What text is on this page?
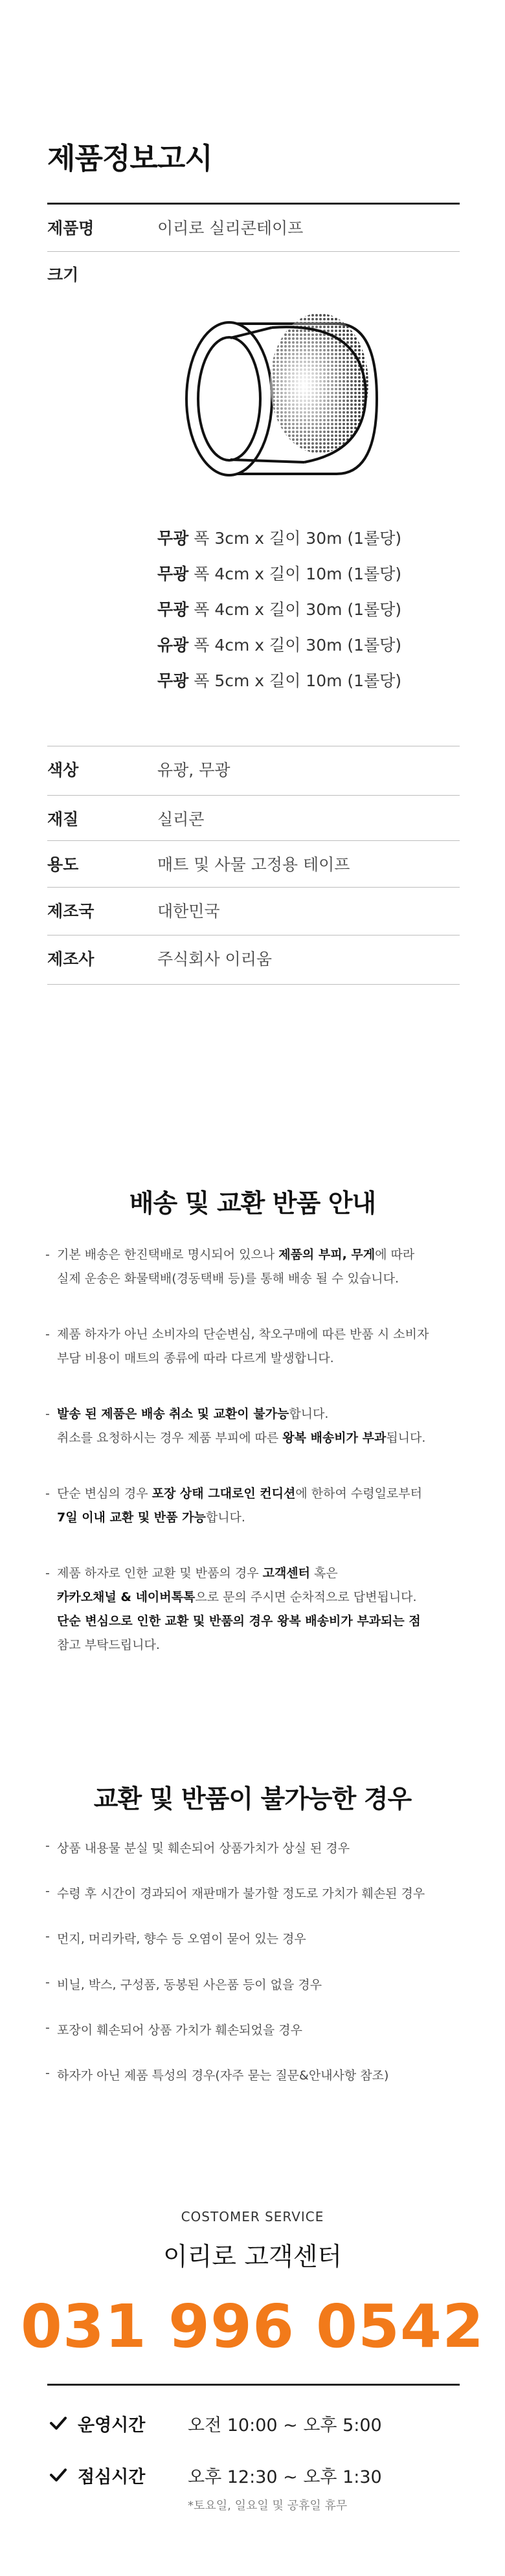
제품정보고시
제품명	이리로 실리콘테이프
크기
무광 폭 3cm x 길이 30m (1롤당)
무광 폭 4cm x 길이 10m (1롤당)
무광 폭 4cm x 길이 30m (1롤당)
유광 폭 4cm x 길이 30m (1롤당)
무광 폭 5cm x 길이 10m (1롤당)
색상	유광, 무광
재질	실리콘
용도	매트 및 사물 고정용 테이프
제조국	대한민국
제조사	주식회사 이리움
배송 및 교환 반품 안내
- 기본 배송은 한진택배로 명시되어 있으나 제품의 부피, 무게에 따라
실제 운송은 화물택배(경동택배 등)를 통해 배송 될 수 있습니다.
- 제품 하자가 아닌 소비자의 단순변심, 착오구매에 따른 반품 시 소비자
부담 비용이 매트의 종류에 따라 다르게 발생합니다.
- 발송 된 제품은 배송 취소 및 교환이 불가능합니다.
취소를 요청하시는 경우 제품 부피에 따른 왕복 배송비가 부과됩니다.
- 단순 변심의 경우 포장 상태 그대로인 컨디션에 한하여 수령일로부터
7일 이내 교환 및 반품 가능합니다.
- 제품 하자로 인한 교환 및 반품의 경우 고객센터 혹은
카카오채널 & 네이버톡톡으로 문의 주시면 순차적으로 답변됩니다.
단순 변심으로 인한 교환 및 반품의 경우 왕복 배송비가 부과되는 점
참고 부탁드립니다.
교환 및 반품이 불가능한 경우
- 상품 내용물 분실 및 훼손되어 상품가치가 상실 된 경우
- 수령 후 시간이 경과되어 재판매가 불가할 정도로 가치가 훼손된 경우
- 먼지, 머리카락, 향수 등 오염이 묻어 있는 경우
- 비닐, 박스, 구성품, 동봉된 사은품 등이 없을 경우
- 포장이 훼손되어 상품 가치가 훼손되었을 경우
- 하자가 아닌 제품 특성의 경우(자주 묻는 질문&안내사항 참조)
COSTOMER SERVICE
이리로 고객센터
031 996 0542
운영시간 오전 10:00 ~ 오후 5:00
점심시간 오후 12:30 ~ 오후 1:30
*토요일, 일요일 및 공휴일 휴무
